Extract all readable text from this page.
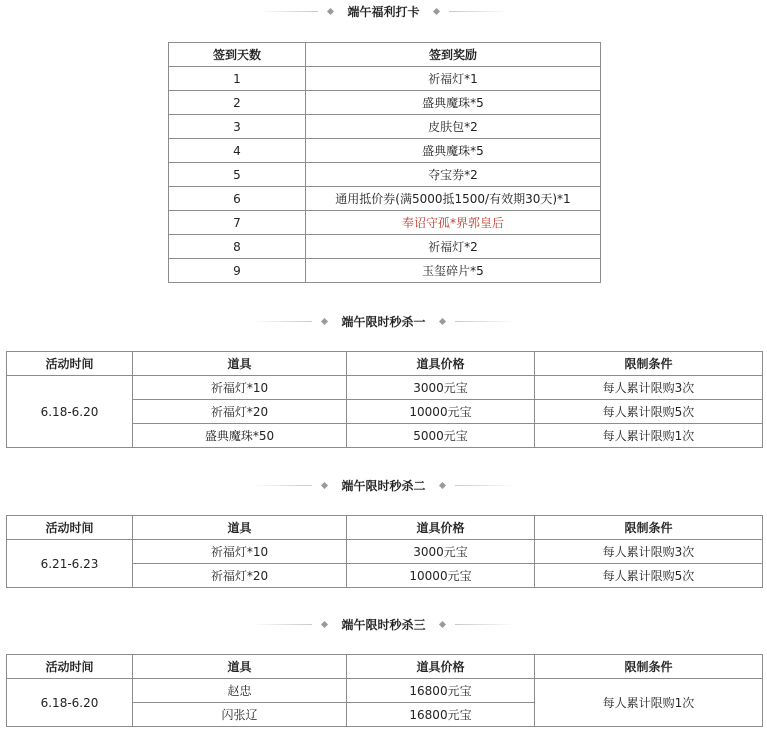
端午福利打卡
签到天数	签到奖励
1	祈福灯*1
2	盛典魔珠*5
3	皮肤包*2
4	盛典魔珠*5
5	夺宝券*2
6	通用抵价券(满5000抵1500/有效期30天)*1
7	奉诏守孤*界郭皇后
8	祈福灯*2
9	玉玺碎片*5
端午限时秒杀一
活动时间	道具	道具价格	限制条件
6.18-6.20	祈福灯*10	3000元宝	每人累计限购3次
	祈福灯*20	10000元宝	每人累计限购5次
	盛典魔珠*50	5000元宝	每人累计限购1次
端午限时秒杀二
活动时间	道具	道具价格	限制条件
6.21-6.23	祈福灯*10	3000元宝	每人累计限购3次
	祈福灯*20	10000元宝	每人累计限购5次
端午限时秒杀三
活动时间	道具	道具价格	限制条件
6.18-6.20	赵忠	16800元宝	每人累计限购1次
	闪张辽	16800元宝	
